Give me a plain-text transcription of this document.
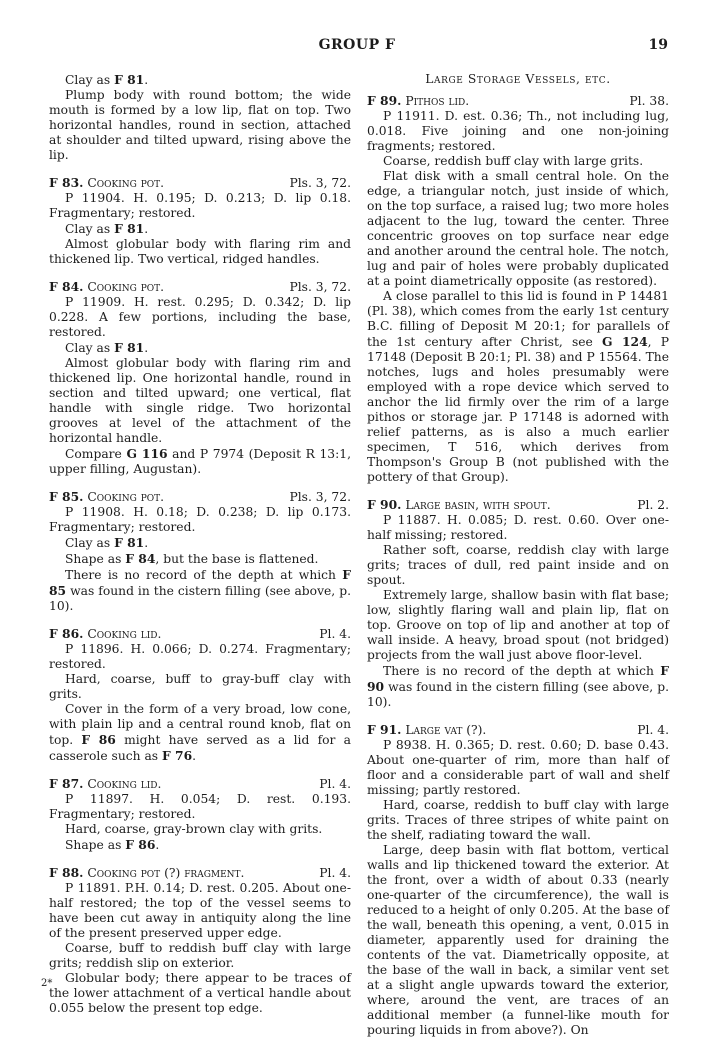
GROUP F	19

Clay as F 81.

Plump body with round bottom; the wide mouth is formed by a low lip, flat on top. Two horizontal handles, round in section, attached at shoulder and tilted upward, rising above the lip.

F 83. Cooking pot.	Pls. 3, 72.

P 11904. H. 0.195; D. 0.213; D. lip 0.18. Fragmentary; restored.

Clay as F 81.

Almost globular body with flaring rim and thickened lip. Two vertical, ridged handles.

F 84. Cooking pot.	Pls. 3, 72.

P 11909. H. rest. 0.295; D. 0.342; D. lip 0.228. A few portions, including the base, restored.

Clay as F 81.

Almost globular body with flaring rim and thickened lip. One horizontal handle, round in section and tilted upward; one vertical, flat handle with single ridge. Two horizontal grooves at level of the attachment of the horizontal handle.

Compare G 116 and P 7974 (Deposit R 13:1, upper filling, Augustan).

F 85. Cooking pot.	Pls. 3, 72.

P 11908. H. 0.18; D. 0.238; D. lip 0.173. Fragmentary; restored.

Clay as F 81.

Shape as F 84, but the base is flattened.

There is no record of the depth at which F 85 was found in the cistern filling (see above, p. 10).

F 86. Cooking lid.	Pl. 4.

P 11896. H. 0.066; D. 0.274. Fragmentary; restored.

Hard, coarse, buff to gray-buff clay with grits.

Cover in the form of a very broad, low cone, with plain lip and a central round knob, flat on top. F 86 might have served as a lid for a casserole such as F 76.

F 87. Cooking lid.	Pl. 4.

P 11897. H. 0.054; D. rest. 0.193. Fragmentary; restored.

Hard, coarse, gray-brown clay with grits.

Shape as F 86.

F 88. Cooking pot (?) fragment.	Pl. 4.

P 11891. P.H. 0.14; D. rest. 0.205. About one-half restored; the top of the vessel seems to have been cut away in antiquity along the line of the present preserved upper edge.

Coarse, buff to reddish buff clay with large grits; reddish slip on exterior.

Globular body; there appear to be traces of the lower attachment of a vertical handle about 0.055 below the present top edge.

Large Storage Vessels, etc.
F 89. Pithos lid.	Pl. 38.

P 11911. D. est. 0.36; Th., not including lug, 0.018. Five joining and one non-joining fragments; restored.

Coarse, reddish buff clay with large grits.

Flat disk with a small central hole. On the edge, a triangular notch, just inside of which, on the top surface, a raised lug; two more holes adjacent to the lug, toward the center. Three concentric grooves on top surface near edge and another around the central hole. The notch, lug and pair of holes were probably duplicated at a point diametrically opposite (as restored).

A close parallel to this lid is found in P 14481 (Pl. 38), which comes from the early 1st century B.C. filling of Deposit M 20:1; for parallels of the 1st century after Christ, see G 124, P 17148 (Deposit B 20:1; Pl. 38) and P 15564. The notches, lugs and holes presumably were employed with a rope device which served to anchor the lid firmly over the rim of a large pithos or storage jar. P 17148 is adorned with relief patterns, as is also a much earlier specimen, T 516, which derives from Thompson's Group B (not published with the pottery of that Group).

F 90. Large basin, with spout.	Pl. 2.

P 11887. H. 0.085; D. rest. 0.60. Over one-half missing; restored.

Rather soft, coarse, reddish clay with large grits; traces of dull, red paint inside and on spout.

Extremely large, shallow basin with flat base; low, slightly flaring wall and plain lip, flat on top. Groove on top of lip and another at top of wall inside. A heavy, broad spout (not bridged) projects from the wall just above floor-level.

There is no record of the depth at which F 90 was found in the cistern filling (see above, p. 10).

F 91. Large vat (?).	Pl. 4.

P 8938. H. 0.365; D. rest. 0.60; D. base 0.43. About one-quarter of rim, more than half of floor and a considerable part of wall and shelf missing; partly restored.

Hard, coarse, reddish to buff clay with large grits. Traces of three stripes of white paint on the shelf, radiating toward the wall.

Large, deep basin with flat bottom, vertical walls and lip thickened toward the exterior. At the front, over a width of about 0.33 (nearly one-quarter of the circumference), the wall is reduced to a height of only 0.205. At the base of the wall, beneath this opening, a vent, 0.015 in diameter, apparently used for draining the contents of the vat. Diametrically opposite, at the base of the wall in back, a similar vent set at a slight angle upwards toward the exterior, where, around the vent, are traces of an additional member (a funnel-like mouth for pouring liquids in from above?). On

2*
